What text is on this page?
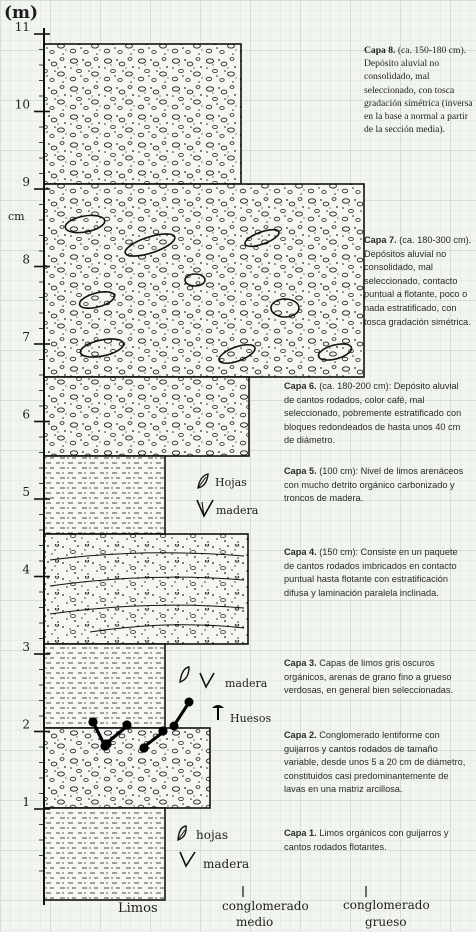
(m)
11
10
9
8
7
6
5
4
3
2
1
cm
Limos	conglomerado
medio
conglomerado
grueso
Hojas
madera
madera
Huesos
hojas
madera
Capa 8. (ca. 150-180 cm). Depósito aluvial no consolidado, mal seleccionado, con tosca gradación simétrica (inversa en la base a normal a partir de la sección media).
Capa 7. (ca. 180-300 cm). Depósitos aluvial no consolidado, mal seleccionado, contacto puntual a flotante, poco o nada estratificado, con tosca gradación simétrica.
Capa 6. (ca. 180-200 cm): Depósito aluvial de cantos rodados, color café, mal seleccionado, pobremente estratificado con bloques redondeados de hasta unos 40 cm de diámetro.
Capa 5. (100 cm): Nivel de limos arenáceos con mucho detrito orgánico carbonizado y troncos de madera.
Capa 4. (150 cm): Consiste en un paquete de cantos rodados imbricados en contacto puntual hasta flotante con estratificación difusa y laminación paralela inclinada.
Capa 3. Capas de limos gris oscuros orgánicos, arenas de grano fino a grueso verdosas, en general bien seleccionadas.
Capa 2. Conglomerado lentiforme con guijarros y cantos rodados de tamaño variable, desde unos 5 a 20 cm de diámetro, constituidos casi predominantemente de lavas en una matriz arcillosa.
Capa 1. Limos orgánicos con guijarros y cantos rodados flotantes.
